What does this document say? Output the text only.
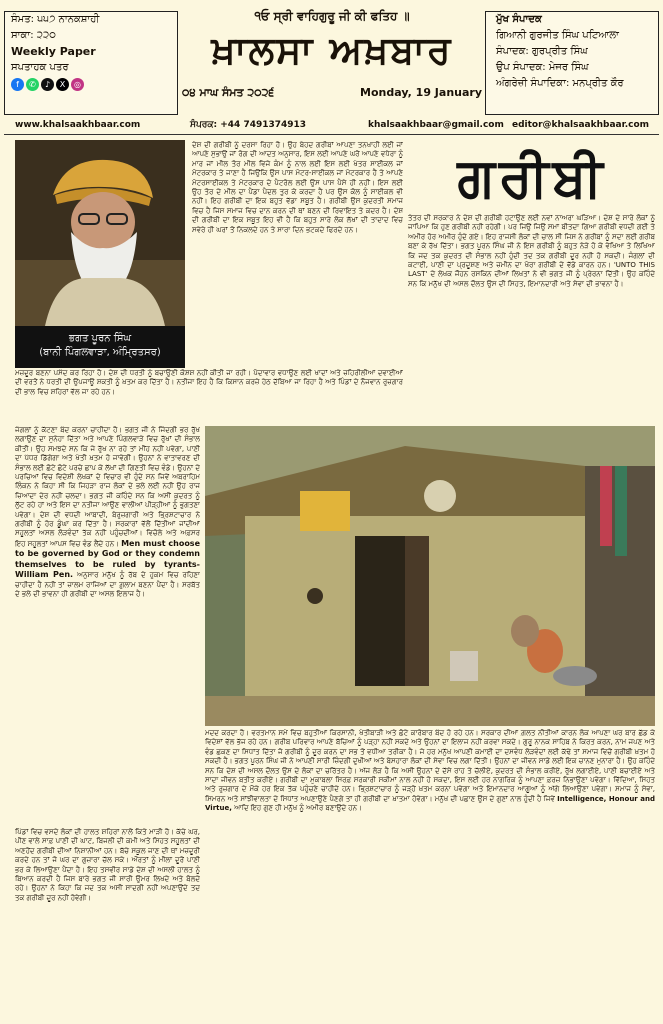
ਸੰਮਤ: ੫੫੭ ਨਾਨਕਸ਼ਾਹੀ
ਸਾਕਾ: ੨੨੦
Weekly Paper
ਸਪਤਾਹਕ ਪਤਰ
f	✆	♪	X	◎
੧ਓ ਸ੍ਰੀ ਵਾਹਿਗੁਰੂ ਜੀ ਕੀ ਫਤਿਹ ॥
ਖ਼ਾਲਸਾ ਅਖ਼ਬਾਰ
੦੪ ਮਾਘ ਸੰਮਤ ੨੦੨੬	Monday, 19 January
ਮੁੱਖ ਸੰਪਾਦਕ
ਗਿਆਨੀ ਗੁਰਜੀਤ ਸਿੰਘ ਪਟਿਆਲਾ
ਸੰਪਾਦਕ: ਗੁਰਪ੍ਰੀਤ ਸਿੰਘ
ਉਪ ਸੰਪਾਦਕ: ਮੇਜਰ ਸਿੰਘ
ਅੰਗਰੇਜ਼ੀ ਸੰਪਾਦਿਕਾ: ਮਨਪ੍ਰੀਤ ਕੌਰ
www.khalsaakhbaar.com	ਸੰਪਰਕ: +44 7491374913	khalsaakhbaar@gmail.com editor@khalsaakhbaar.com
ਭਗਤ ਪੂਰਨ ਸਿੰਘ
(ਬਾਨੀ ਪਿੰਗਲਵਾੜਾ, ਅੰਮ੍ਰਿਤਸਰ)
ਦੇਸ਼ ਦੀ ਗਰੀਬੀ ਨੂੰ ਦਰਸਾ ਰਿਹਾ ਹੈ। ਉਹ ਬੇਹਦ ਗਰੀਬਾਂ ਆਪਣਾ ਤਨਖਾਹੀ ਲਈ ਜਾਂ ਆਪਣੇ ਸੁਭਾਉਂ ਜਾਂ ਰੋਗ ਦੀ ਆਦਤ ਅਨੁਸਾਰ, ਇਸ ਲਈ ਆਪਣੇ ਘਰੋਂ ਆਪਣੇ ਵਧੇਰਾ ਨੂੰ ਮਾਰ ਜਾਂ ਮੀਲ ਤੋਰ ਮੀਲ ਵਿਜੇ ਕੰਮ ਨੂੰ ਨਾਲ ਲਈ ਇਸ ਲਈ ਖੇਤਰ ਸਾਈਕਲ ਜਾਂ ਮੋਟਰਕਾਰ ਤੇ ਜਾਣਾ ਹੈ ਜਿਉਂਕਿ ਉਸ ਪਾਸ ਮੋਟਰ-ਸਾਈਕਲ ਜਾਂ ਮੋਟਰਕਾਰ ਹੈ ਤੇ ਆਪਣੇ ਮੋਟਰਸਾਈਕਲ ਤੇ ਮੋਟਰਕਾਰ ਦੇ ਪੈਟਰੋਲ ਲਈ ਉਸ ਪਾਸ ਪੈਸੇ ਹੀ ਨਹੀਂ। ਇਸ ਲਈ ਉਹ ਤੋਰ ਦੇ ਮੀਲ ਦਾ ਪੈਂਡਾ ਪੈਦਲ ਤੁਰ ਕੇ ਕਰਦਾ ਹੈ ਪਰ ਉਸ ਕੋਲ ਨੂੰ ਸਾਈਕਲ ਵੀ ਨਹੀਂ। ਇਹ ਗਰੀਬੀ ਦਾ ਇਕ ਬਹੁਤ ਵੱਡਾ ਸਬੂਤ ਹੈ। ਗਰੀਬੀ ਉਸ ਕੁਦਰਤੀ ਸਮਾਜ ਵਿਚ ਹੈ ਜਿਸ ਸਮਾਜ ਵਿਚ ਦਾਨ ਕਰਨ ਦੀ ਥਾਂ ਬਣਨ ਦੀ ਰਿਵਾਇਤ ਤੇ ਕਦਰ ਹੈ। ਦੇਸ਼ ਦੀ ਗਰੀਬੀ ਦਾ ਇਕ ਸਬੂਤ ਇਹ ਵੀ ਹੈ ਕਿ ਬਹੁਤ ਸਾਰੇ ਲੋਕ ਲੱਖਾਂ ਦੀ ਤਾਦਾਦ ਵਿਚ ਸਵੇਰੇ ਹੀ ਘਰਾਂ ਤੋਂ ਨਿਕਲਦੇ ਹਨ ਤੇ ਸਾਰਾ ਦਿਨ ਭਟਕਦੇ ਫਿਰਦੇ ਹਨ।
ਗਰੀਬੀ
ਤੰਤਰ ਦੀ ਸਰਕਾਰ ਨੇ ਦੇਸ਼ ਦੀ ਗਰੀਬੀ ਹਟਾਉਣ ਲਈ ਨਵਾਂ ਨਾਅਰਾ ਘੜਿਆ। ਦੇਸ਼ ਦੇ ਸਾਰੇ ਲੋਕਾਂ ਨੂੰ ਜਾਪਿਆ ਕਿ ਹੁਣ ਗਰੀਬੀ ਨਹੀਂ ਰਹੇਗੀ। ਪਰ ਜਿਉਂ ਜਿਉਂ ਸਮਾਂ ਬੀਤਦਾ ਗਿਆ ਗਰੀਬੀ ਵਧਦੀ ਗਈ ਤੇ ਅਮੀਰ ਹੋਰ ਅਮੀਰ ਹੁੰਦੇ ਗਏ। ਇਹ ਰਾਜਸੀ ਲੋਕਾਂ ਦੀ ਚਾਲ ਸੀ ਜਿਸ ਨੇ ਗਰੀਬਾਂ ਨੂੰ ਸਦਾ ਲਈ ਗਰੀਬ ਬਣਾ ਕੇ ਰੱਖ ਦਿੱਤਾ। ਭਗਤ ਪੂਰਨ ਸਿੰਘ ਜੀ ਨੇ ਇਸ ਗਰੀਬੀ ਨੂੰ ਬਹੁਤ ਨੇੜੇ ਹੋ ਕੇ ਵੇਖਿਆ ਤੇ ਲਿਖਿਆ ਕਿ ਜਦ ਤਕ ਕੁਦਰਤ ਦੀ ਸੰਭਾਲ ਨਹੀਂ ਹੁੰਦੀ ਤਦ ਤਕ ਗਰੀਬੀ ਦੂਰ ਨਹੀਂ ਹੋ ਸਕਦੀ। ਜੰਗਲਾਂ ਦੀ ਕਟਾਈ, ਪਾਣੀ ਦਾ ਪ੍ਰਦੂਸ਼ਣ ਅਤੇ ਜ਼ਮੀਨ ਦਾ ਖੋਰਾ ਗਰੀਬੀ ਦੇ ਵੱਡੇ ਕਾਰਨ ਹਨ। 'UNTO THIS LAST' ਦੇ ਲੇਖਕ ਜੌਹਨ ਰਸਕਿਨ ਦੀਆਂ ਲਿਖਤਾਂ ਨੇ ਵੀ ਭਗਤ ਜੀ ਨੂੰ ਪ੍ਰੇਰਨਾ ਦਿੱਤੀ। ਉਹ ਕਹਿੰਦੇ ਸਨ ਕਿ ਮਨੁੱਖ ਦੀ ਅਸਲ ਦੌਲਤ ਉਸ ਦੀ ਸਿਹਤ, ਇਮਾਨਦਾਰੀ ਅਤੇ ਸੇਵਾ ਦੀ ਭਾਵਨਾ ਹੈ।
ਮਜ਼ਦੂਰ ਬਣਨਾ ਪਸੰਦ ਕਰ ਰਿਹਾ ਹੈ। ਦੇਸ਼ ਦੀ ਧਰਤੀ ਨੂੰ ਬਚਾਉਣੀ ਕੋਸ਼ਸ਼ ਨਹੀਂ ਕੀਤੀ ਜਾ ਰਹੀ। ਪੈਦਾਵਾਰ ਵਧਾਉਣ ਲਈ ਖਾਦਾਂ ਅਤੇ ਜ਼ਹਿਰੀਲੀਆਂ ਦਵਾਈਆਂ ਦੀ ਵਰਤੋਂ ਨੇ ਧਰਤੀ ਦੀ ਉਪਜਾਊ ਸ਼ਕਤੀ ਨੂੰ ਖ਼ਤਮ ਕਰ ਦਿੱਤਾ ਹੈ। ਨਤੀਜਾ ਇਹ ਹੈ ਕਿ ਕਿਸਾਨ ਕਰਜ਼ੇ ਹੇਠ ਦੱਬਿਆ ਜਾ ਰਿਹਾ ਹੈ ਅਤੇ ਪਿੰਡਾਂ ਦੇ ਨੌਜਵਾਨ ਰੁਜ਼ਗਾਰ ਦੀ ਭਾਲ ਵਿਚ ਸ਼ਹਿਰਾਂ ਵੱਲ ਜਾ ਰਹੇ ਹਨ।
ਜੰਗਲਾਂ ਨੂੰ ਕੱਟਣਾ ਬੰਦ ਕਰਨਾ ਚਾਹੀਦਾ ਹੈ। ਭਗਤ ਜੀ ਨੇ ਜਿੰਦਗੀ ਭਰ ਰੁੱਖ ਲਗਾਉਣ ਦਾ ਸੁਨੇਹਾ ਦਿੱਤਾ ਅਤੇ ਆਪਣੇ ਪਿੰਗਲਵਾੜੇ ਵਿਚ ਰੁੱਖਾਂ ਦੀ ਸੰਭਾਲ ਕੀਤੀ। ਉਹ ਸਮਝਦੇ ਸਨ ਕਿ ਜੇ ਰੁੱਖ ਨਾ ਰਹੇ ਤਾਂ ਮੀਂਹ ਨਹੀਂ ਪਵੇਗਾ, ਪਾਣੀ ਦਾ ਪੱਧਰ ਡਿੱਗੇਗਾ ਅਤੇ ਖੇਤੀ ਖ਼ਤਮ ਹੋ ਜਾਵੇਗੀ। ਉਹਨਾਂ ਨੇ ਵਾਤਾਵਰਣ ਦੀ ਸੰਭਾਲ ਲਈ ਛੋਟੇ ਛੋਟੇ ਪਰਚੇ ਛਾਪ ਕੇ ਲੱਖਾਂ ਦੀ ਗਿਣਤੀ ਵਿਚ ਵੰਡੇ। ਉਹਨਾਂ ਦੇ ਪਰਚਿਆਂ ਵਿਚ ਵਿਦੇਸ਼ੀ ਲੇਖਕਾਂ ਦੇ ਵਿਚਾਰ ਵੀ ਹੁੰਦੇ ਸਨ ਜਿਵੇਂ ਅਬਰਾਹਿਮ ਲਿੰਕਨ ਨੇ ਕਿਹਾ ਸੀ ਕਿ ਜਿਹੜਾ ਰਾਜ ਲੋਕਾਂ ਦੇ ਭਲੇ ਲਈ ਨਹੀਂ ਉਹ ਰਾਜ ਜ਼ਿਆਦਾ ਦੇਰ ਨਹੀਂ ਚਲਦਾ। ਭਗਤ ਜੀ ਕਹਿੰਦੇ ਸਨ ਕਿ ਅਸੀਂ ਕੁਦਰਤ ਨੂੰ ਲੁੱਟ ਰਹੇ ਹਾਂ ਅਤੇ ਇਸ ਦਾ ਨਤੀਜਾ ਆਉਣ ਵਾਲੀਆਂ ਪੀੜ੍ਹੀਆਂ ਨੂੰ ਭੁਗਤਣਾ ਪਵੇਗਾ। ਦੇਸ਼ ਦੀ ਵਧਦੀ ਆਬਾਦੀ, ਬੇਰੁਜ਼ਗਾਰੀ ਅਤੇ ਭ੍ਰਿਸ਼ਟਾਚਾਰ ਨੇ ਗਰੀਬੀ ਨੂੰ ਹੋਰ ਡੂੰਘਾ ਕਰ ਦਿੱਤਾ ਹੈ। ਸਰਕਾਰਾਂ ਵੱਲੋਂ ਦਿੱਤੀਆਂ ਜਾਂਦੀਆਂ ਸਹੂਲਤਾਂ ਅਸਲ ਲੋੜਵੰਦਾਂ ਤੱਕ ਨਹੀਂ ਪਹੁੰਚਦੀਆਂ। ਵਿਚੋਲੇ ਅਤੇ ਅਫ਼ਸਰ ਇਹ ਸਹੂਲਤਾਂ ਆਪਸ ਵਿਚ ਵੰਡ ਲੈਂਦੇ ਹਨ। Men must choose to be governed by God or they condemn themselves to be ruled by tyrants-William Pen. ਅਨੁਸਾਰ ਮਨੁੱਖ ਨੂੰ ਰੱਬ ਦੇ ਹੁਕਮ ਵਿਚ ਰਹਿਣਾ ਚਾਹੀਦਾ ਹੈ ਨਹੀਂ ਤਾਂ ਜ਼ਾਲਮ ਰਾਜਿਆਂ ਦਾ ਗ਼ੁਲਾਮ ਬਣਨਾ ਪੈਂਦਾ ਹੈ। ਸਰਬੱਤ ਦੇ ਭਲੇ ਦੀ ਭਾਵਨਾ ਹੀ ਗਰੀਬੀ ਦਾ ਅਸਲ ਇਲਾਜ ਹੈ।
ਮਦਦ ਕਰਦਾ ਹੈ। ਵਰਤਮਾਨ ਸਮੇਂ ਵਿਚ ਬਹੁਤੀਆਂ ਕਿਰਸਾਨੀ, ਖੇਤੀਬਾੜੀ ਅਤੇ ਛੋਟੇ ਕਾਰੋਬਾਰ ਬੰਦ ਹੋ ਰਹੇ ਹਨ। ਸਰਕਾਰ ਦੀਆਂ ਗ਼ਲਤ ਨੀਤੀਆਂ ਕਾਰਨ ਲੋਕ ਆਪਣਾ ਘਰ ਬਾਰ ਛੱਡ ਕੇ ਵਿਦੇਸ਼ਾਂ ਵੱਲ ਭੱਜ ਰਹੇ ਹਨ। ਗਰੀਬ ਪਰਿਵਾਰ ਆਪਣੇ ਬੱਚਿਆਂ ਨੂੰ ਪੜ੍ਹਾ ਨਹੀਂ ਸਕਦੇ ਅਤੇ ਉਹਨਾਂ ਦਾ ਇਲਾਜ ਨਹੀਂ ਕਰਵਾ ਸਕਦੇ। ਗੁਰੂ ਨਾਨਕ ਸਾਹਿਬ ਨੇ ਕਿਰਤ ਕਰਨ, ਨਾਮ ਜਪਣ ਅਤੇ ਵੰਡ ਛਕਣ ਦਾ ਸਿਧਾਂਤ ਦਿੱਤਾ ਜੋ ਗਰੀਬੀ ਨੂੰ ਦੂਰ ਕਰਨ ਦਾ ਸਭ ਤੋਂ ਵਧੀਆ ਤਰੀਕਾ ਹੈ। ਜੇ ਹਰ ਮਨੁੱਖ ਆਪਣੀ ਕਮਾਈ ਦਾ ਦਸਵੰਧ ਲੋੜਵੰਦਾਂ ਲਈ ਕੱਢੇ ਤਾਂ ਸਮਾਜ ਵਿਚੋਂ ਗਰੀਬੀ ਖ਼ਤਮ ਹੋ ਸਕਦੀ ਹੈ। ਭਗਤ ਪੂਰਨ ਸਿੰਘ ਜੀ ਨੇ ਆਪਣੀ ਸਾਰੀ ਜ਼ਿੰਦਗੀ ਦੁਖੀਆਂ ਅਤੇ ਬੇਸਹਾਰਾ ਲੋਕਾਂ ਦੀ ਸੇਵਾ ਵਿਚ ਲਗਾ ਦਿੱਤੀ। ਉਹਨਾਂ ਦਾ ਜੀਵਨ ਸਾਡੇ ਲਈ ਇਕ ਚਾਨਣ ਮੁਨਾਰਾ ਹੈ। ਉਹ ਕਹਿੰਦੇ ਸਨ ਕਿ ਦੇਸ਼ ਦੀ ਅਸਲ ਦੌਲਤ ਉਸ ਦੇ ਲੋਕਾਂ ਦਾ ਚਰਿੱਤਰ ਹੈ। ਅੱਜ ਲੋੜ ਹੈ ਕਿ ਅਸੀਂ ਉਹਨਾਂ ਦੇ ਦੱਸੇ ਰਾਹ ਤੇ ਚੱਲੀਏ, ਕੁਦਰਤ ਦੀ ਸੰਭਾਲ ਕਰੀਏ, ਰੁੱਖ ਲਗਾਈਏ, ਪਾਣੀ ਬਚਾਈਏ ਅਤੇ ਸਾਦਾ ਜੀਵਨ ਬਤੀਤ ਕਰੀਏ। ਗਰੀਬੀ ਦਾ ਮੁਕਾਬਲਾ ਸਿਰਫ਼ ਸਰਕਾਰੀ ਸਕੀਮਾਂ ਨਾਲ ਨਹੀਂ ਹੋ ਸਕਦਾ, ਇਸ ਲਈ ਹਰ ਨਾਗਰਿਕ ਨੂੰ ਆਪਣਾ ਫ਼ਰਜ਼ ਨਿਭਾਉਣਾ ਪਵੇਗਾ। ਵਿੱਦਿਆ, ਸਿਹਤ ਅਤੇ ਰੁਜ਼ਗਾਰ ਦੇ ਮੌਕੇ ਹਰ ਇਕ ਤੱਕ ਪਹੁੰਚਣੇ ਚਾਹੀਦੇ ਹਨ। ਭ੍ਰਿਸ਼ਟਾਚਾਰ ਨੂੰ ਜੜ੍ਹੋਂ ਖ਼ਤਮ ਕਰਨਾ ਪਵੇਗਾ ਅਤੇ ਇਮਾਨਦਾਰ ਆਗੂਆਂ ਨੂੰ ਅੱਗੇ ਲਿਆਉਣਾ ਪਵੇਗਾ। ਸਮਾਜ ਨੂੰ ਸੇਵਾ, ਸਿਮਰਨ ਅਤੇ ਸਾਂਝੀਵਾਲਤਾ ਦੇ ਸਿਧਾਂਤ ਅਪਣਾਉਣੇ ਪੈਣਗੇ ਤਾਂ ਹੀ ਗਰੀਬੀ ਦਾ ਖ਼ਾਤਮਾ ਹੋਵੇਗਾ। ਮਨੁੱਖ ਦੀ ਪਛਾਣ ਉਸ ਦੇ ਗੁਣਾਂ ਨਾਲ ਹੁੰਦੀ ਹੈ ਜਿਵੇਂ Intelligence, Honour and Virtue, ਆਦਿ ਇਹ ਗੁਣ ਹੀ ਮਨੁੱਖ ਨੂੰ ਅਮੀਰ ਬਣਾਉਂਦੇ ਹਨ।
ਪਿੰਡਾਂ ਵਿਚ ਵਸਦੇ ਲੋਕਾਂ ਦੀ ਹਾਲਤ ਸ਼ਹਿਰਾਂ ਨਾਲੋਂ ਕਿਤੇ ਮਾੜੀ ਹੈ। ਕੱਚੇ ਘਰ, ਪੀਣ ਵਾਲੇ ਸਾਫ਼ ਪਾਣੀ ਦੀ ਘਾਟ, ਬਿਜਲੀ ਦੀ ਕਮੀ ਅਤੇ ਸਿਹਤ ਸਹੂਲਤਾਂ ਦੀ ਅਣਹੋਂਦ ਗਰੀਬੀ ਦੀਆਂ ਨਿਸ਼ਾਨੀਆਂ ਹਨ। ਬੱਚੇ ਸਕੂਲ ਜਾਣ ਦੀ ਥਾਂ ਮਜ਼ਦੂਰੀ ਕਰਦੇ ਹਨ ਤਾਂ ਜੋ ਘਰ ਦਾ ਗੁਜ਼ਾਰਾ ਚੱਲ ਸਕੇ। ਔਰਤਾਂ ਨੂੰ ਮੀਲਾਂ ਦੂਰੋਂ ਪਾਣੀ ਭਰ ਕੇ ਲਿਆਉਣਾ ਪੈਂਦਾ ਹੈ। ਇਹ ਤਸਵੀਰ ਸਾਡੇ ਦੇਸ਼ ਦੀ ਅਸਲੀ ਹਾਲਤ ਨੂੰ ਬਿਆਨ ਕਰਦੀ ਹੈ ਜਿਸ ਬਾਰੇ ਭਗਤ ਜੀ ਸਾਰੀ ਉਮਰ ਲਿਖਦੇ ਅਤੇ ਬੋਲਦੇ ਰਹੇ। ਉਹਨਾਂ ਨੇ ਕਿਹਾ ਕਿ ਜਦ ਤਕ ਅਸੀਂ ਸਾਦਗੀ ਨਹੀਂ ਅਪਣਾਉਂਦੇ ਤਦ ਤਕ ਗਰੀਬੀ ਦੂਰ ਨਹੀਂ ਹੋਵੇਗੀ।
